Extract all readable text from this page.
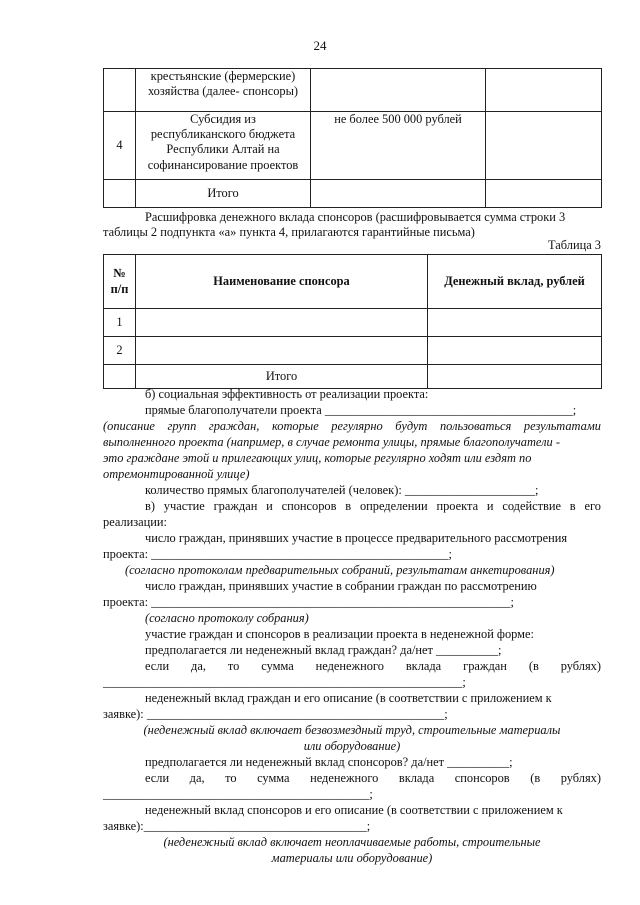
24

	крестьянские (фермерские)
хозяйства (далее- спонсоры)		

4	Субсидия из
республиканского бюджета
Республики Алтай на
софинансирование проектов	не более 500 000 рублей	

	Итого		

Расшифровка денежного вклада спонсоров (расшифровывается сумма строки 3
таблицы 2 подпункта «а» пункта 4, прилагаются гарантийные письма)
Таблица 3
№ п/п	Наименование спонсора	Денежный вклад, рублей
1		
2		
	Итого	
б) социальная эффективность от реализации проекта:
прямые благополучатели проекта ________________________________________;
(описание групп граждан, которые регулярно будут пользоваться результатами
выполненного проекта (например, в случае ремонта улицы, прямые благополучатели -
это гражданe этой и прилегающих улиц, которые регулярно ходят или ездят по
отремонтированной улице)
количество прямых благополучателей (человек): _____________________;
в) участие граждан и спонсоров в определении проекта и содействие в его
реализации:
число граждан, принявших участие в процессе предварительного рассмотрения
проекта: ________________________________________________;
(согласно протоколам предварительных собраний, результатам анкетирования)
число граждан, принявших участие в собрании граждан по рассмотрению
проекта: __________________________________________________________;
(согласно протоколу собрания)
участие граждан и спонсоров в реализации проекта в неденежной форме:
предполагается ли неденежный вклад граждан? да/нет __________;
если да, то сумма неденежного вклада граждан (в рублях)
__________________________________________________________;
неденежный вклад граждан и его описание (в соответствии с приложением к
заявке): ________________________________________________;
(неденежный вклад включает безвозмездный труд, строительные материалы
или оборудование)
предполагается ли неденежный вклад спонсоров? да/нет __________;
если да, то сумма неденежного вклада спонсоров (в рублях)
___________________________________________;
неденежный вклад спонсоров и его описание (в соответствии с приложением к
заявке):____________________________________;
(неденежный вклад включает неоплачиваемые работы, строительные
материалы или оборудование)
